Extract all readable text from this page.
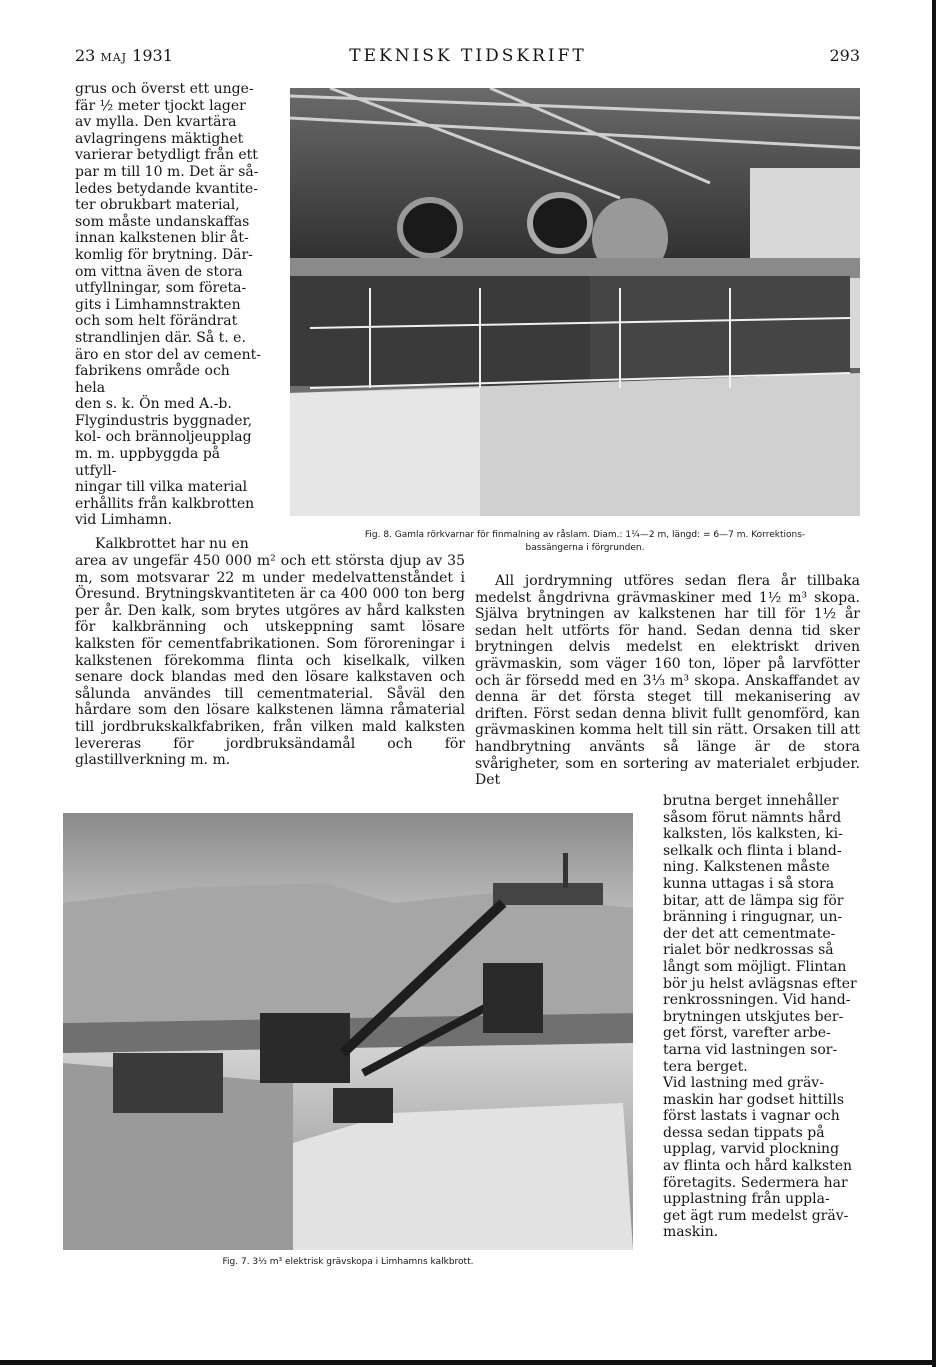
23 MAJ 1931	TEKNISK TIDSKRIFT	293
grus och överst ett unge-
fär ½ meter tjockt lager
av mylla. Den kvartära
avlagringens mäktighet
varierar betydligt från ett
par m till 10 m. Det är så-
ledes betydande kvantite-
ter obrukbart material,
som måste undanskaffas
innan kalkstenen blir åt-
komlig för brytning. Där-
om vittna även de stora
utfyllningar, som företa-
gits i Limhamnstrakten
och som helt förändrat
strandlinjen där. Så t. e.
äro en stor del av cement-
fabrikens område och hela
den s. k. Ön med A.-b.
Flygindustris byggnader,
kol- och brännoljeupplag
m. m. uppbyggda på utfyll-
ningar till vilka material
erhållits från kalkbrotten
vid Limhamn.
Fig. 8. Gamla rörkvarnar för finmalning av råslam. Diam.: 1¼—2 m, längd: = 6—7 m. Korrektions-
bassängerna i förgrunden.
Kalkbrottet har nu en

area av ungefär 450 000 m² och ett största djup av 35 m, som motsvarar 22 m under medelvattenståndet i Öresund. Brytningskvantiteten är ca 400 000 ton berg per år. Den kalk, som brytes utgöres av hård kalksten för kalkbränning och utskeppning samt lösare kalksten för cementfabrikationen. Som föroreningar i kalkstenen förekomma flinta och kiselkalk, vilken senare dock blandas med den lösare kalkstaven och sålunda användes till cementmaterial. Såväl den hårdare som den lösare kalkstenen lämna råmaterial till jordbrukskalkfabriken, från vilken mald kalksten levereras för jordbruksändamål och för glastillverkning m. m.

All jordrymning utföres sedan flera år tillbaka medelst ångdrivna grävmaskiner med 1½ m³ skopa. Själva brytningen av kalkstenen har till för 1½ år sedan helt utförts för hand. Sedan denna tid sker brytningen delvis medelst en elektriskt driven grävmaskin, som väger 160 ton, löper på larvfötter och är försedd med en 3⅓ m³ skopa. Anskaffandet av denna är det första steget till mekanisering av driften. Först sedan denna blivit fullt genomförd, kan grävmaskinen komma helt till sin rätt. Orsaken till att handbrytning använts så länge är de stora svårigheter, som en sortering av materialet erbjuder. Det

brutna berget innehåller
såsom förut nämnts hård
kalksten, lös kalksten, ki-
selkalk och flinta i bland-
ning. Kalkstenen måste
kunna uttagas i så stora
bitar, att de lämpa sig för
bränning i ringugnar, un-
der det att cementmate-
rialet bör nedkrossas så
långt som möjligt. Flintan
bör ju helst avlägsnas efter
renkrossningen. Vid hand-
brytningen utskjutes ber-
get först, varefter arbe-
tarna vid lastningen sor-
tera berget.
Vid lastning med gräv-
maskin har godset hittills
först lastats i vagnar och
dessa sedan tippats på
upplag, varvid plockning
av flinta och hård kalksten
företagits. Sedermera har
upplastning från uppla-
get ägt rum medelst gräv-
maskin.
Fig. 7. 3⅓ m³ elektrisk grävskopa i Limhamns kalkbrott.
